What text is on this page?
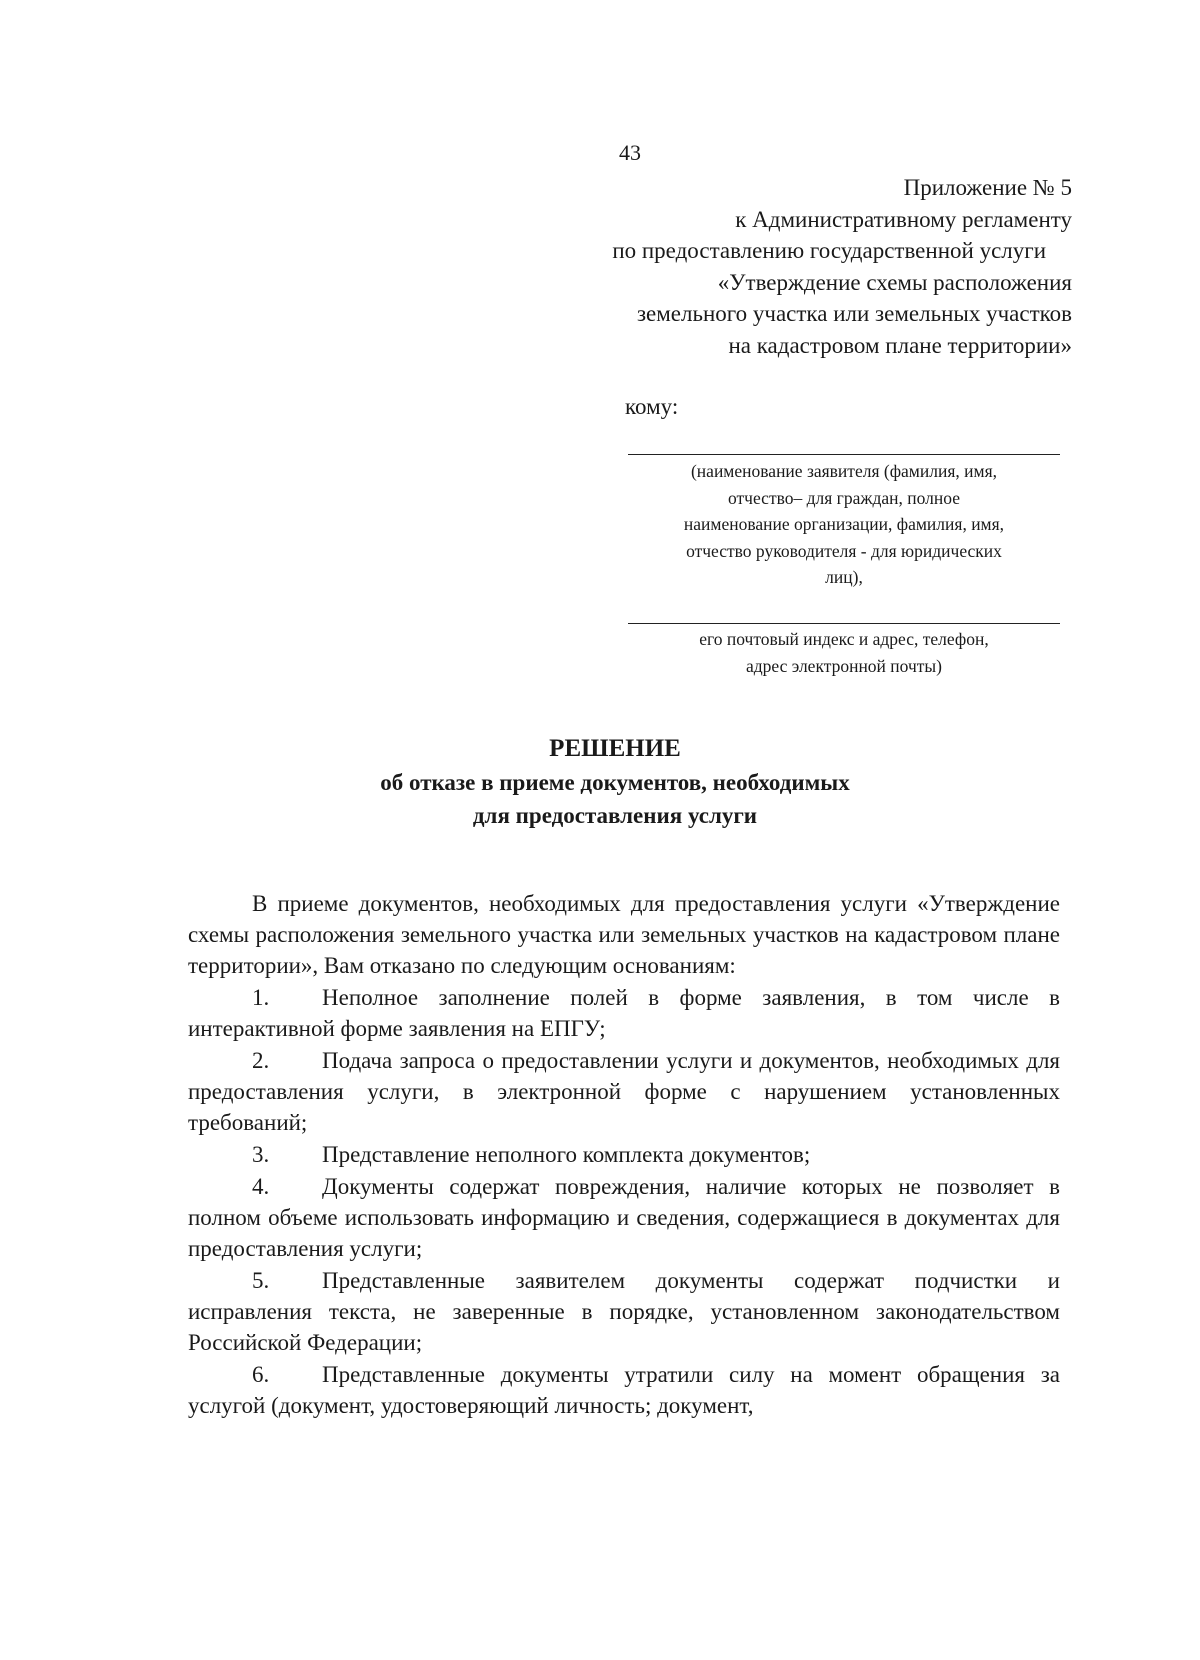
43
Приложение № 5
к Административному регламенту
по предоставлению государственной услуги
«Утверждение схемы расположения
земельного участка или земельных участков
на кадастровом плане территории»
кому:
(наименование заявителя (фамилия, имя,
отчество– для граждан, полное
наименование организации, фамилия, имя,
отчество руководителя - для юридических
лиц),
его почтовый индекс и адрес, телефон,
адрес электронной почты)
РЕШЕНИЕ
об отказе в приеме документов, необходимых
для предоставления услуги

В приеме документов, необходимых для предоставления услуги «Утверждение схемы расположения земельного участка или земельных участков на кадастровом плане территории», Вам отказано по следующим основаниям:

1. Неполное заполнение полей в форме заявления, в том числе в интерактивной форме заявления на ЕПГУ;

2. Подача запроса о предоставлении услуги и документов, необходимых для предоставления услуги, в электронной форме с нарушением установленных требований;

3. Представление неполного комплекта документов;

4. Документы содержат повреждения, наличие которых не позволяет в полном объеме использовать информацию и сведения, содержащиеся в документах для предоставления услуги;

5. Представленные заявителем документы содержат подчистки и исправления текста, не заверенные в порядке, установленном законодательством Российской Федерации;

6. Представленные документы утратили силу на момент обращения за услугой (документ, удостоверяющий личность; документ,
